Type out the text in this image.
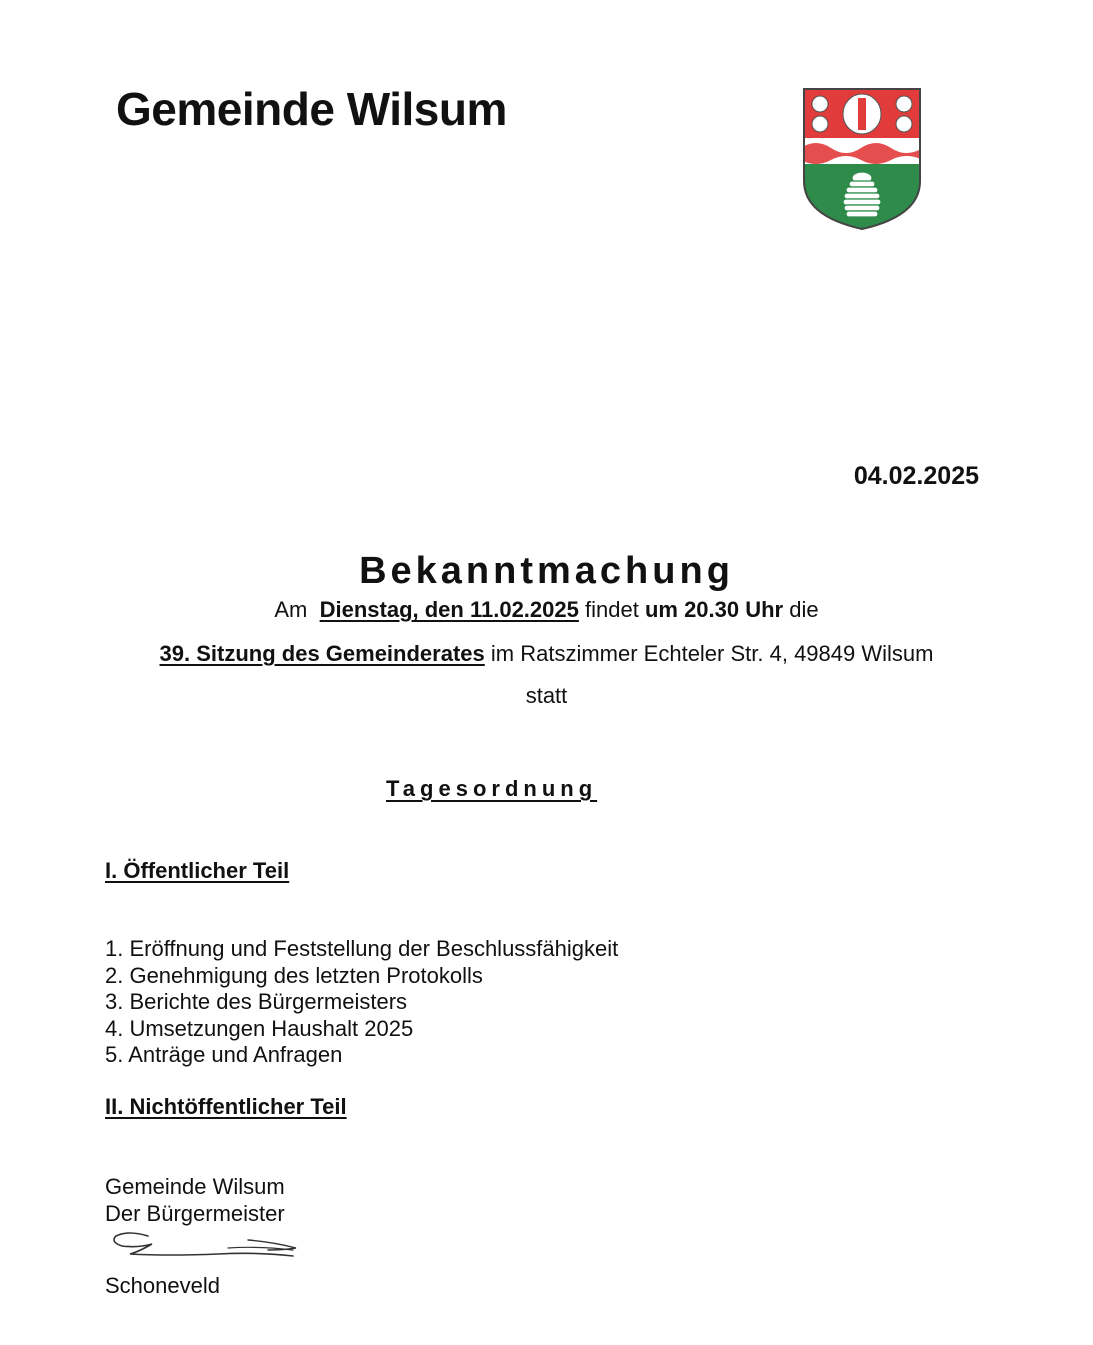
Gemeinde Wilsum
04.02.2025
Bekanntmachung
Am Dienstag, den 11.02.2025 findet um 20.30 Uhr die
39. Sitzung des Gemeinderates im Ratszimmer Echteler Str. 4, 49849 Wilsum
statt
Tagesordnung
I. Öffentlicher Teil
1. Eröffnung und Feststellung der Beschlussfähigkeit
2. Genehmigung des letzten Protokolls
3. Berichte des Bürgermeisters
4. Umsetzungen Haushalt 2025
5. Anträge und Anfragen
II. Nichtöffentlicher Teil
Gemeinde Wilsum
Der Bürgermeister
Schoneveld
